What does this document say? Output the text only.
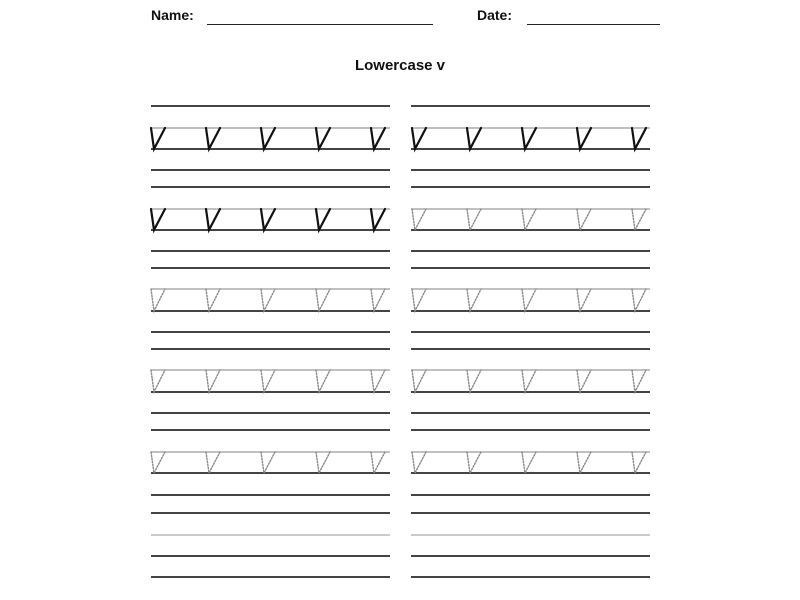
Name:	Date:
Lowercase v
